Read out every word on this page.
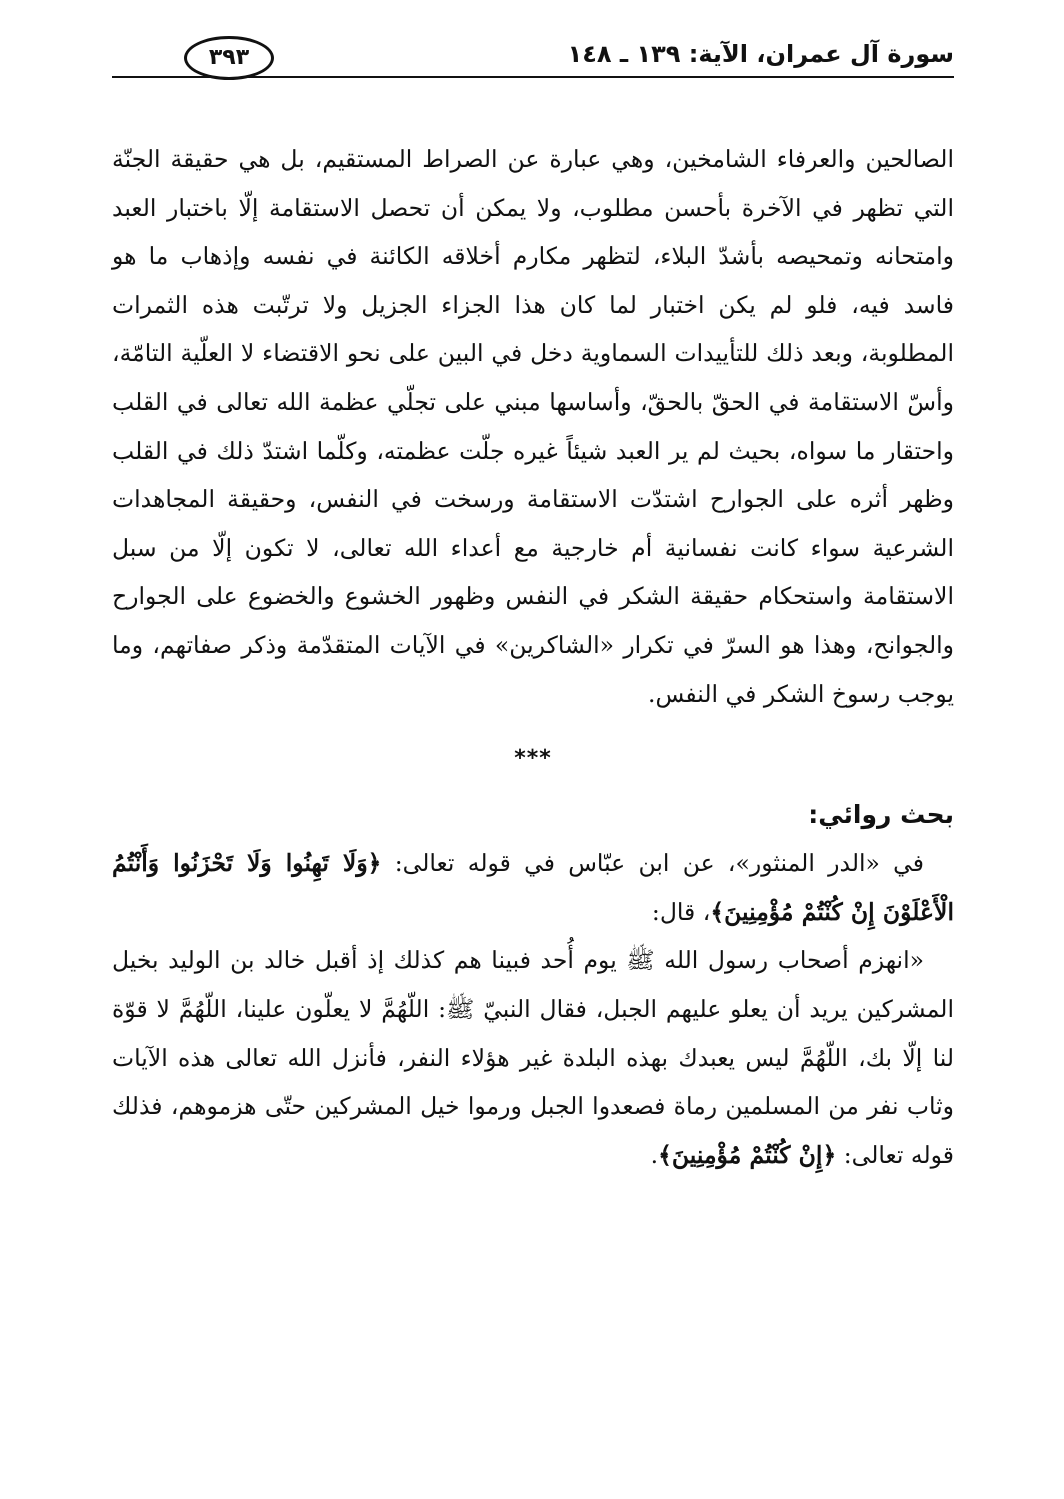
سورة آل عمران، الآية: ١٣٩ ـ ١٤٨
٣٩٣

الصالحين والعرفاء الشامخين، وهي عبارة عن الصراط المستقيم، بل هي حقيقة الجنّة التي تظهر في الآخرة بأحسن مطلوب، ولا يمكن أن تحصل الاستقامة إلّا باختبار العبد وامتحانه وتمحيصه بأشدّ البلاء، لتظهر مكارم أخلاقه الكائنة في نفسه وإذهاب ما هو فاسد فيه، فلو لم يكن اختبار لما كان هذا الجزاء الجزيل ولا ترتّبت هذه الثمرات المطلوبة، وبعد ذلك للتأييدات السماوية دخل في البين على نحو الاقتضاء لا العلّية التامّة، وأسّ الاستقامة في الحقّ بالحقّ، وأساسها مبني على تجلّي عظمة الله تعالى في القلب واحتقار ما سواه، بحيث لم ير العبد شيئاً غيره جلّت عظمته، وكلّما اشتدّ ذلك في القلب وظهر أثره على الجوارح اشتدّت الاستقامة ورسخت في النفس، وحقيقة المجاهدات الشرعية سواء كانت نفسانية أم خارجية مع أعداء الله تعالى، لا تكون إلّا من سبل الاستقامة واستحكام حقيقة الشكر في النفس وظهور الخشوع والخضوع على الجوارح والجوانح، وهذا هو السرّ في تكرار «الشاكرين» في الآيات المتقدّمة وذكر صفاتهم، وما يوجب رسوخ الشكر في النفس.

***

بحث روائي:

في «الدر المنثور»، عن ابن عبّاس في قوله تعالى: ﴿وَلَا تَهِنُوا وَلَا تَحْزَنُوا وَأَنْتُمُ الْأَعْلَوْنَ إِنْ كُنْتُمْ مُؤْمِنِينَ﴾، قال:

«انهزم أصحاب رسول الله ﷺ يوم أُحد فبينا هم كذلك إذ أقبل خالد بن الوليد بخيل المشركين يريد أن يعلو عليهم الجبل، فقال النبيّ ﷺ: اللّهُمَّ لا يعلّون علينا، اللّهُمَّ لا قوّة لنا إلّا بك، اللّهُمَّ ليس يعبدك بهذه البلدة غير هؤلاء النفر، فأنزل الله تعالى هذه الآيات وثاب نفر من المسلمين رماة فصعدوا الجبل ورموا خيل المشركين حتّى هزموهم، فذلك قوله تعالى: ﴿إِنْ كُنْتُمْ مُؤْمِنِينَ﴾.
